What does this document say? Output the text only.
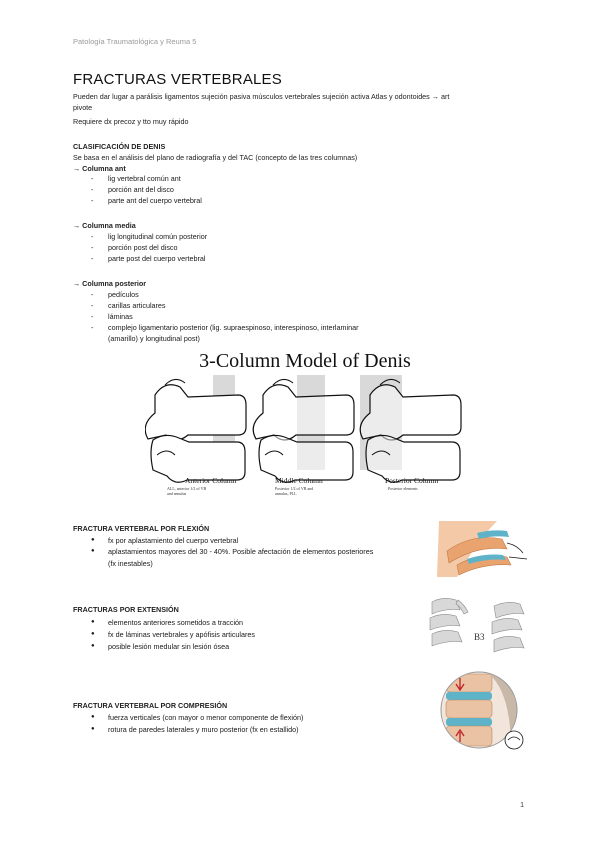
Patología Traumatológica y Reuma 5
FRACTURAS VERTEBRALES
Pueden dar lugar a parálisis ligamentos sujeción pasiva músculos vertebrales sujeción activa Atlas y odontoides → art
pivote
Requiere dx precoz y tto muy rápido
CLASIFICACIÓN DE DENIS
Se basa en el análisis del plano de radiografía y del TAC (concepto de las tres columnas)
→ Columna ant
- lig vertebral común ant
- porción ant del disco
- parte ant del cuerpo vertebral
→ Columna media
- lig longitudinal común posterior
- porción post del disco
- parte post del cuerpo vertebral
→ Columna posterior
- pedículos
- carillas articulares
- láminas
- complejo ligamentario posterior (lig. supraespinoso, interespinoso, interlaminar
(amarillo) y longitudinal post)
3-Column Model of Denis
Anterior Column
ALL, anterior 1/2 of VB
and annulus
Middle Column
Posterior 1/2 of VB and
annulus, PLL
Posterior Column
Posterior elements
FRACTURA VERTEBRAL POR FLEXIÓN
● fx por aplastamiento del cuerpo vertebral
● aplastamientos mayores del 30 - 40%. Posible afectación de elementos posteriores
(fx inestables)
FRACTURAS POR EXTENSIÓN
● elementos anteriores sometidos a tracción
● fx de láminas vertebrales y apófisis articulares
● posible lesión medular sin lesión ósea
B3
FRACTURA VERTEBRAL POR COMPRESIÓN
● fuerza verticales (con mayor o menor componente de flexión)
● rotura de paredes laterales y muro posterior (fx en estallido)
1
